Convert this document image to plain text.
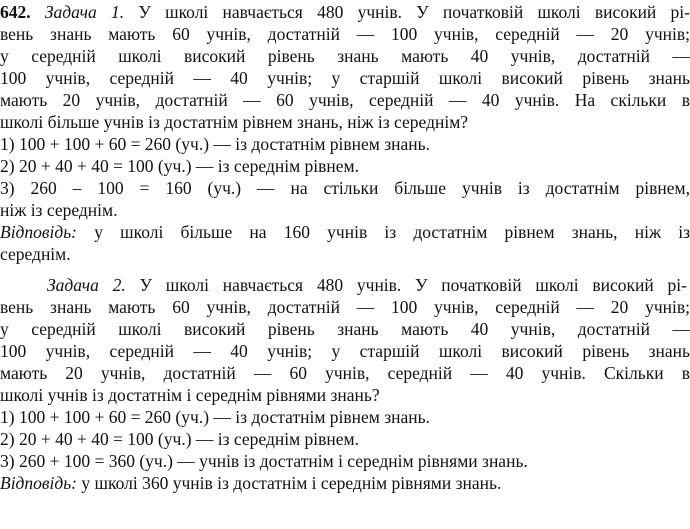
642. Задача 1. У школі навчається 480 учнів. У початковій школі високий рі-
вень знань мають 60 учнів, достатній — 100 учнів, середній — 20 учнів;
у середній школі високий рівень знань мають 40 учнів, достатній —
100 учнів, середній — 40 учнів; у старшій школі високий рівень знань
мають 20 учнів, достатній — 60 учнів, середній — 40 учнів. На скільки в
школі більше учнів із достатнім рівнем знань, ніж із середнім?
1) 100 + 100 + 60 = 260 (уч.) — із достатнім рівнем знань.
2) 20 + 40 + 40 = 100 (уч.) — із середнім рівнем.
3) 260 – 100 = 160 (уч.) — на стільки більше учнів із достатнім рівнем,
ніж із середнім.
Відповідь: у школі більше на 160 учнів із достатнім рівнем знань, ніж із
середнім.
Задача 2. У школі навчається 480 учнів. У початковій школі високий рі-
вень знань мають 60 учнів, достатній — 100 учнів, середній — 20 учнів;
у середній школі високий рівень знань мають 40 учнів, достатній —
100 учнів, середній — 40 учнів; у старшій школі високий рівень знань
мають 20 учнів, достатній — 60 учнів, середній — 40 учнів. Скільки в
школі учнів із достатнім і середнім рівнями знань?
1) 100 + 100 + 60 = 260 (уч.) — із достатнім рівнем знань.
2) 20 + 40 + 40 = 100 (уч.) — із середнім рівнем.
3) 260 + 100 = 360 (уч.) — учнів із достатнім і середнім рівнями знань.
Відповідь: у школі 360 учнів із достатнім і середнім рівнями знань.
